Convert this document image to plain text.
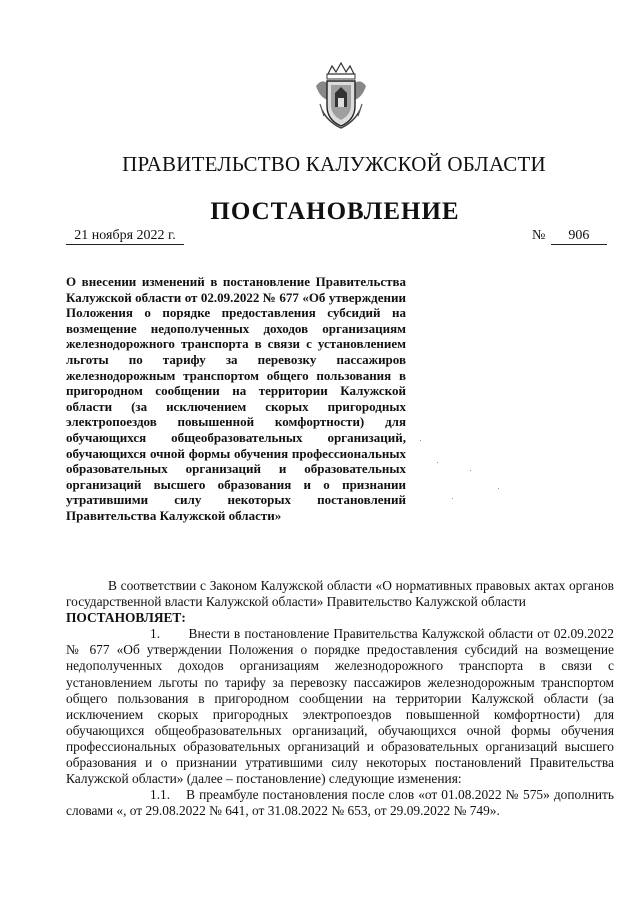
ПРАВИТЕЛЬСТВО КАЛУЖСКОЙ ОБЛАСТИ
ПОСТАНОВЛЕНИЕ
21 ноября 2022 г.	№ 906
О внесении изменений в постановление Правительства Калужской области от 02.09.2022 № 677 «Об утверждении Положения о порядке предоставления субсидий на возмещение недополученных доходов организациям железнодорожного транспорта в связи с установлением льготы по тарифу за перевозку пассажиров железнодорожным транспортом общего пользования в пригородном сообщении на территории Калужской области (за исключением скорых пригородных электропоездов повышенной комфортности) для обучающихся общеобразовательных организаций, обучающихся очной формы обучения профессиональных образовательных организаций и образовательных организаций высшего образования и о признании утратившими силу некоторых постановлений Правительства Калужской области»

В соответствии с Законом Калужской области «О нормативных правовых актах органов государственной власти Калужской области» Правительство Калужской области

ПОСТАНОВЛЯЕТ:

1. Внести в постановление Правительства Калужской области от 02.09.2022 № 677 «Об утверждении Положения о порядке предоставления субсидий на возмещение недополученных доходов организациям железнодорожного транспорта в связи с установлением льготы по тарифу за перевозку пассажиров железнодорожным транспортом общего пользования в пригородном сообщении на территории Калужской области (за исключением скорых пригородных электропоездов повышенной комфортности) для обучающихся общеобразовательных организаций, обучающихся очной формы обучения профессиональных образовательных организаций и образовательных организаций высшего образования и о признании утратившими силу некоторых постановлений Правительства Калужской области» (далее – постановление) следующие изменения:

1.1. В преамбуле постановления после слов «от 01.08.2022 № 575» дополнить словами «, от 29.08.2022 № 641, от 31.08.2022 № 653, от 29.09.2022 № 749».
